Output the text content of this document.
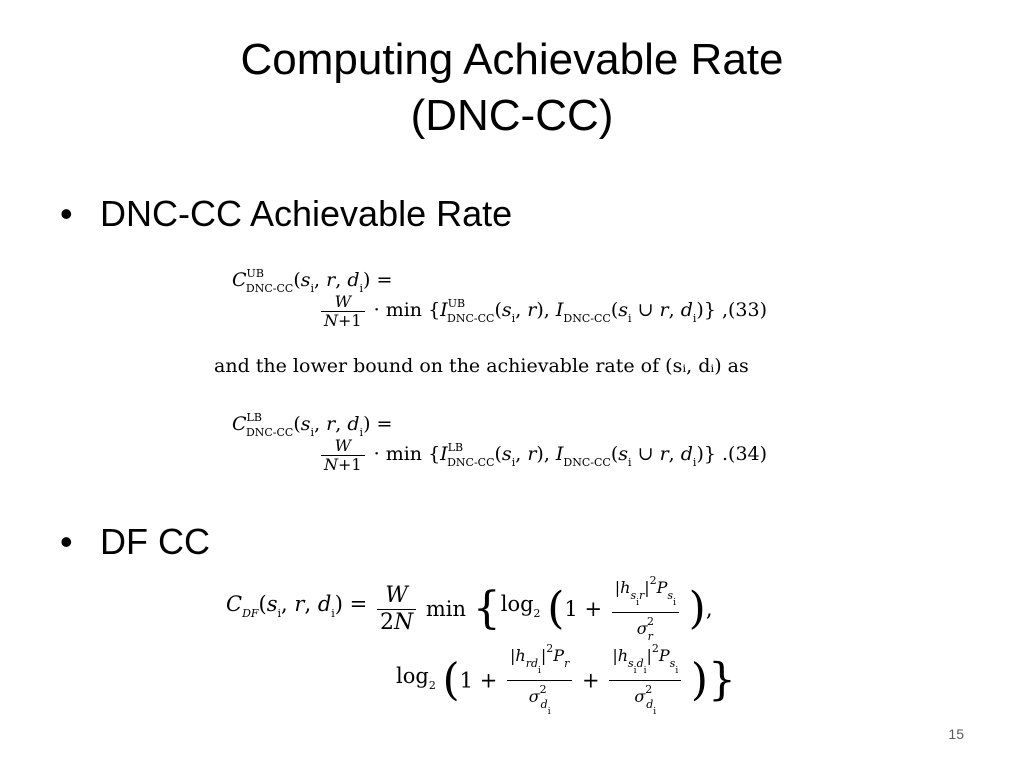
Computing Achievable Rate
(DNC-CC)
• DNC-CC Achievable Rate
$C^{UB}_{DNC-CC}(s_i$, r, $d_i$) =
$\frac{W}{N+1} \cdot \min \{I^{UB}_{DNC-CC}(s_i$, r), $I_{DNC-CC}(s_i$ ∪ r, $d_i$)} ,(33)
and the lower bound on the achievable rate of (sᵢ, dᵢ) as
$C^{LB}_{DNC-CC}(s_i$, r, $d_i$) =
$\frac{W}{N+1} \cdot \min \{I^{LB}_{DNC-CC}(s_i$, r), $I_{DNC-CC}(s_i$ ∪ r, $d_i$)} .(34)
• DF CC
$C_{DF}(s_i$, r, $d_i) = \frac{W}{2N}$ $\min \{\log_2$ ($1 + \frac{|h_{s_ir}|^2P_{s_i}}{\sigma_r^2}$ ),
$\log_2 (1 + \frac{|h_{rd_i}|^2P_r}{\sigma^2_{d_i}} + \frac{|h_{s_id_i}|^2P_{s_i}}{\sigma^2_{d_i}}$ )}
15
